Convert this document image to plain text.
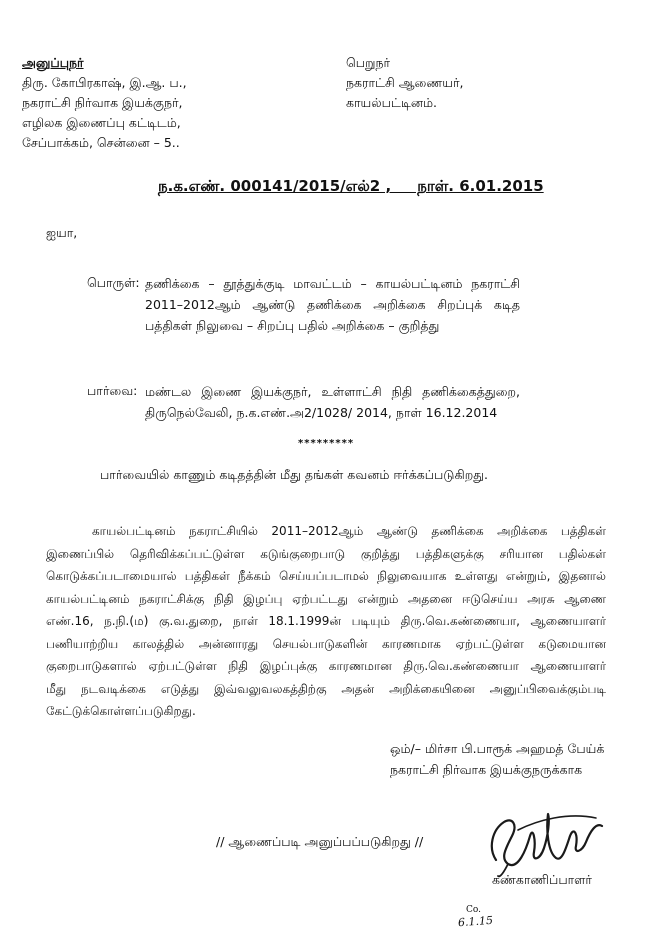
அனுப்புநர்
திரு. கோபிரகாஷ், இ.ஆ. ப.,
நகராட்சி நிர்வாக இயக்குநர்,
எழிலக இணைப்பு கட்டிடம்,
சேப்பாக்கம், சென்னை – 5..
பெறுநர்
நகராட்சி ஆணையர்,
காயல்பட்டினம்.
ந.க.எண். 000141/2015/எல்2 ,     நாள். 6.01.2015
ஐயா,
பொருள்: தணிக்கை – தூத்துக்குடி மாவட்டம் – காயல்பட்டினம் நகராட்சி 2011–2012ஆம் ஆண்டு தணிக்கை அறிக்கை சிறப்புக் கடித பத்திகள் நிலுவை – சிறப்பு பதில் அறிக்கை – குறித்து
பார்வை: மண்டல இணை இயக்குநர், உள்ளாட்சி நிதி தணிக்கைத்துறை, திருநெல்வேலி, ந.க.எண்.அ2/1028/ 2014, நாள் 16.12.2014
*********
பார்வையில் காணும் கடிதத்தின் மீது தங்கள் கவனம் ஈர்க்கப்படுகிறது.
காயல்பட்டினம் நகராட்சியில் 2011–2012ஆம் ஆண்டு தணிக்கை அறிக்கை பத்திகள்
இணைப்பில் தெரிவிக்கப்பட்டுள்ள கடுங்குறைபாடு குறித்து பத்திகளுக்கு சரியான பதில்கள்
கொடுக்கப்படாமையால் பத்திகள் நீக்கம் செய்யப்படாமல் நிலுவையாக உள்ளது என்றும், இதனால்
காயல்பட்டினம் நகராட்சிக்கு நிதி இழப்பு ஏற்பட்டது என்றும் அதனை ஈடுசெய்ய அரசு ஆணை
எண்.16, ந.நி.(ம) கு.வ.துறை, நாள் 18.1.1999ன் படியும் திரு.வெ.கண்ணையா, ஆணையாளர்
பணியாற்றிய காலத்தில் அன்னாரது செயல்பாடுகளின் காரணமாக ஏற்பட்டுள்ள கடுமையான
குறைபாடுகளால் ஏற்பட்டுள்ள நிதி இழப்புக்கு காரணமான திரு.வெ.கண்ணையா ஆணையாளர்
மீது நடவடிக்கை எடுத்து இவ்வலுவலகத்திற்கு அதன் அறிக்கையினை அனுப்பிவைக்கும்படி
கேட்டுக்கொள்ளப்படுகிறது.
ஒம்/– மிர்சா பி.பாரூக் அஹமத் பேய்க்
நகராட்சி நிர்வாக இயக்குநருக்காக
// ஆணைப்படி அனுப்பப்படுகிறது //
கண்காணிப்பாளர்
Co.
6.1.15
